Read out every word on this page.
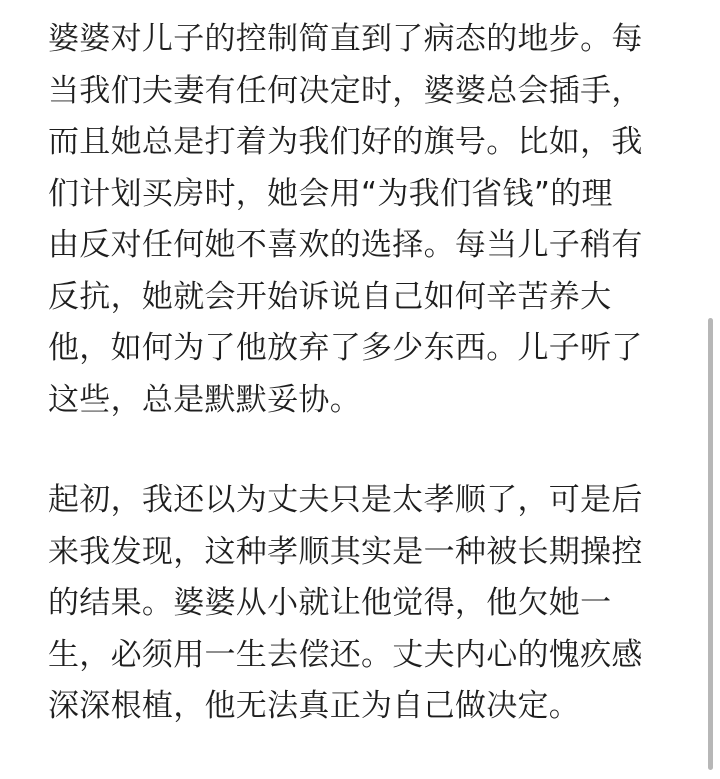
婆婆对儿子的控制简直到了病态的地步。每
当我们夫妻有任何决定时，婆婆总会插手，
而且她总是打着为我们好的旗号。比如，我
们计划买房时，她会用“为我们省钱”的理
由反对任何她不喜欢的选择。每当儿子稍有
反抗，她就会开始诉说自己如何辛苦养大
他，如何为了他放弃了多少东西。儿子听了
这些，总是默默妥协。

起初，我还以为丈夫只是太孝顺了，可是后
来我发现，这种孝顺其实是一种被长期操控
的结果。婆婆从小就让他觉得，他欠她一
生，必须用一生去偿还。丈夫内心的愧疚感
深深根植，他无法真正为自己做决定。
